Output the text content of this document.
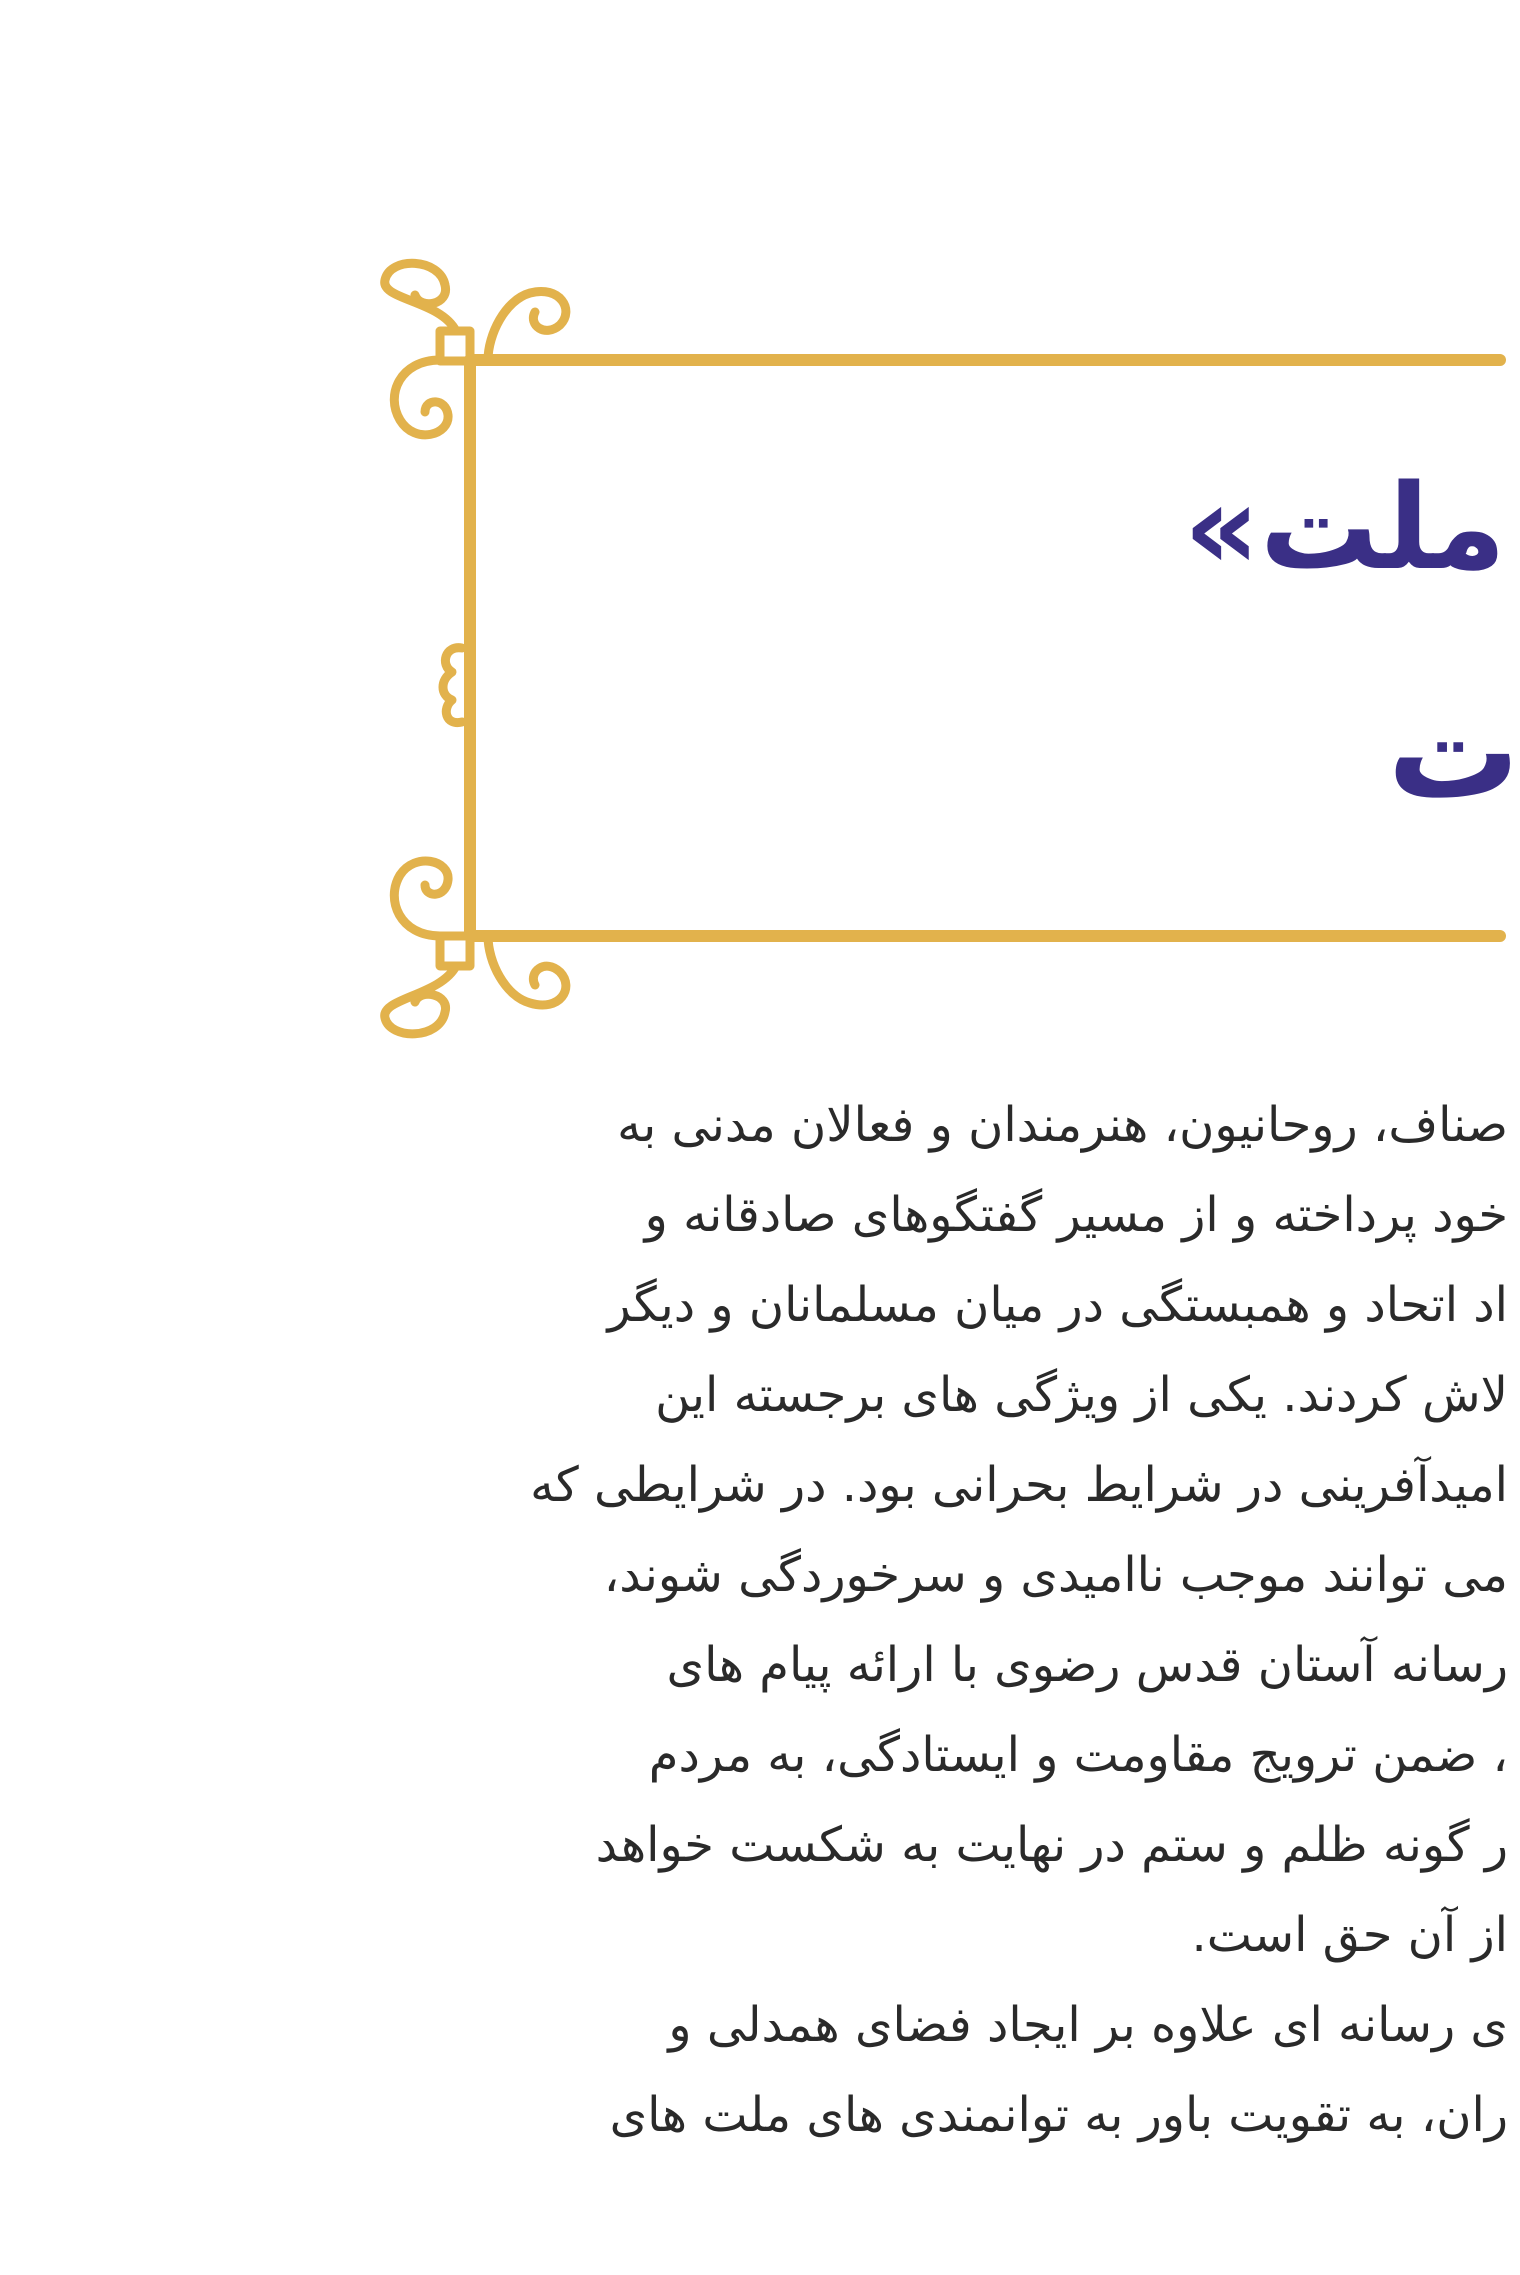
ملت»
ت
صناف، روحانیون، هنرمندان و فعالان مدنی به
خود پرداخته و از مسیر گفتگوهای صادقانه و
اد اتحاد و همبستگی در میان مسلمانان و دیگر
لاش کردند. یکی از ویژگی های برجسته این
امیدآفرینی در شرایط بحرانی بود. در شرایطی که
می توانند موجب ناامیدی و سرخوردگی شوند،
رسانه آستان قدس رضوی با ارائه پیام های
، ضمن ترویج مقاومت و ایستادگی، به مردم
ر گونه ظلم و ستم در نهایت به شکست خواهد
از آن حق است.
ی رسانه ای علاوه بر ایجاد فضای همدلی و
ران، به تقویت باور به توانمندی های ملت های
